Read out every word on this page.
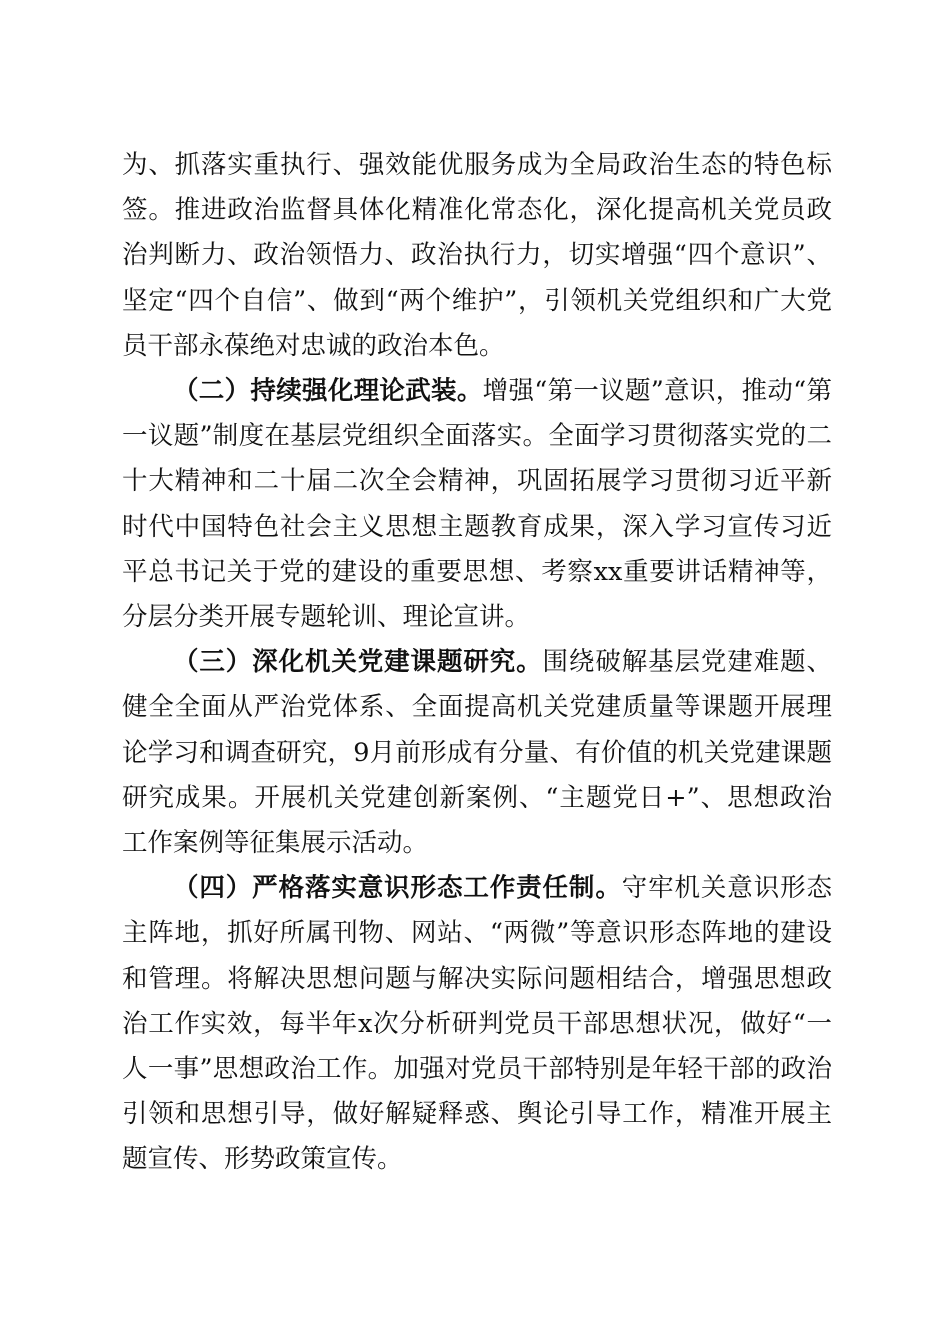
为、抓落实重执行、强效能优服务成为全局政治生态的特色标签。推进政治监督具体化精准化常态化，深化提高机关党员政治判断力、政治领悟力、政治执行力，切实增强“四个意识”、坚定“四个自信”、做到“两个维护”，引领机关党组织和广大党员干部永葆绝对忠诚的政治本色。

（二）持续强化理论武装。增强“第一议题”意识，推动“第一议题”制度在基层党组织全面落实。全面学习贯彻落实党的二十大精神和二十届二次全会精神，巩固拓展学习贯彻习近平新时代中国特色社会主义思想主题教育成果，深入学习宣传习近平总书记关于党的建设的重要思想、考察xx重要讲话精神等，分层分类开展专题轮训、理论宣讲。

（三）深化机关党建课题研究。围绕破解基层党建难题、健全全面从严治党体系、全面提高机关党建质量等课题开展理论学习和调查研究，9月前形成有分量、有价值的机关党建课题研究成果。开展机关党建创新案例、“主题党日+”、思想政治工作案例等征集展示活动。

（四）严格落实意识形态工作责任制。守牢机关意识形态主阵地，抓好所属刊物、网站、“两微”等意识形态阵地的建设和管理。将解决思想问题与解决实际问题相结合，增强思想政治工作实效，每半年x次分析研判党员干部思想状况，做好“一人一事”思想政治工作。加强对党员干部特别是年轻干部的政治引领和思想引导，做好解疑释惑、舆论引导工作，精准开展主题宣传、形势政策宣传。
